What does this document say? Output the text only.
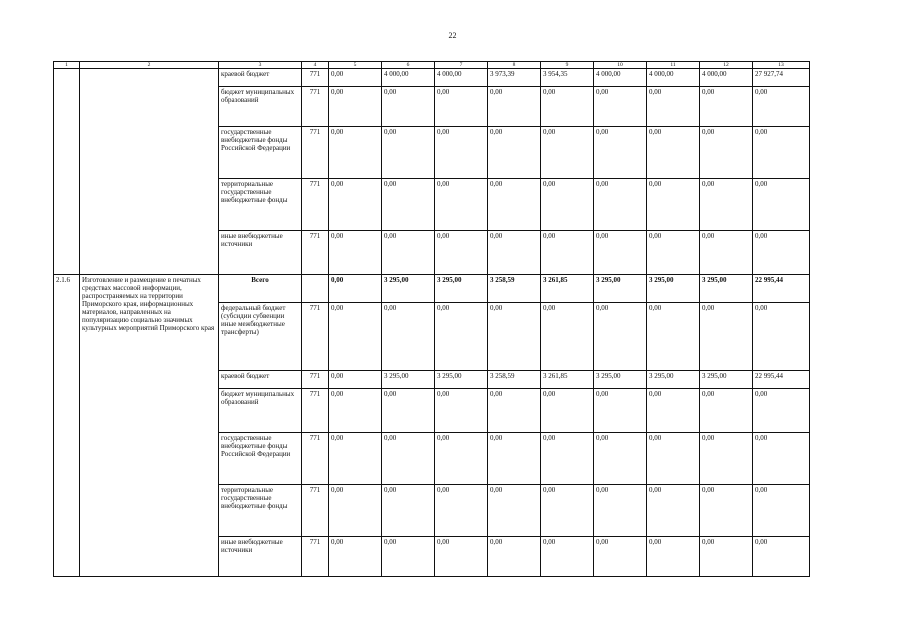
22
1	2	3	4	5	6	7	8	9	10	11	12	13
		краевой бюджет	771	0,00	4 000,00	4 000,00	3 973,39	3 954,35	4 000,00	4 000,00	4 000,00	27 927,74
		бюджет муниципальных образований	771	0,00	0,00	0,00	0,00	0,00	0,00	0,00	0,00	0,00
		государственные внебюджетные фонды Российской Федерации	771	0,00	0,00	0,00	0,00	0,00	0,00	0,00	0,00	0,00
		территориальные государственные внебюджетные фонды	771	0,00	0,00	0,00	0,00	0,00	0,00	0,00	0,00	0,00
		иные внебюджетные источники	771	0,00	0,00	0,00	0,00	0,00	0,00	0,00	0,00	0,00
2.1.6	Изготовление и размещение в печатных средствах массовой информации, распространяемых на территории Приморского края, информационных материалов, направленных на популяризацию социально значимых культурных мероприятий Приморского края	Всего		0,00	3 295,00	3 295,00	3 258,59	3 261,85	3 295,00	3 295,00	3 295,00	22 995,44
		федеральный бюджет (субсидии субвенции иные межбюджетные трансферты)	771	0,00	0,00	0,00	0,00	0,00	0,00	0,00	0,00	0,00
		краевой бюджет	771	0,00	3 295,00	3 295,00	3 258,59	3 261,85	3 295,00	3 295,00	3 295,00	22 995,44
		бюджет муниципальных образований	771	0,00	0,00	0,00	0,00	0,00	0,00	0,00	0,00	0,00
		государственные внебюджетные фонды Российской Федерации	771	0,00	0,00	0,00	0,00	0,00	0,00	0,00	0,00	0,00
		территориальные государственные внебюджетные фонды	771	0,00	0,00	0,00	0,00	0,00	0,00	0,00	0,00	0,00
		иные внебюджетные источники	771	0,00	0,00	0,00	0,00	0,00	0,00	0,00	0,00	0,00
